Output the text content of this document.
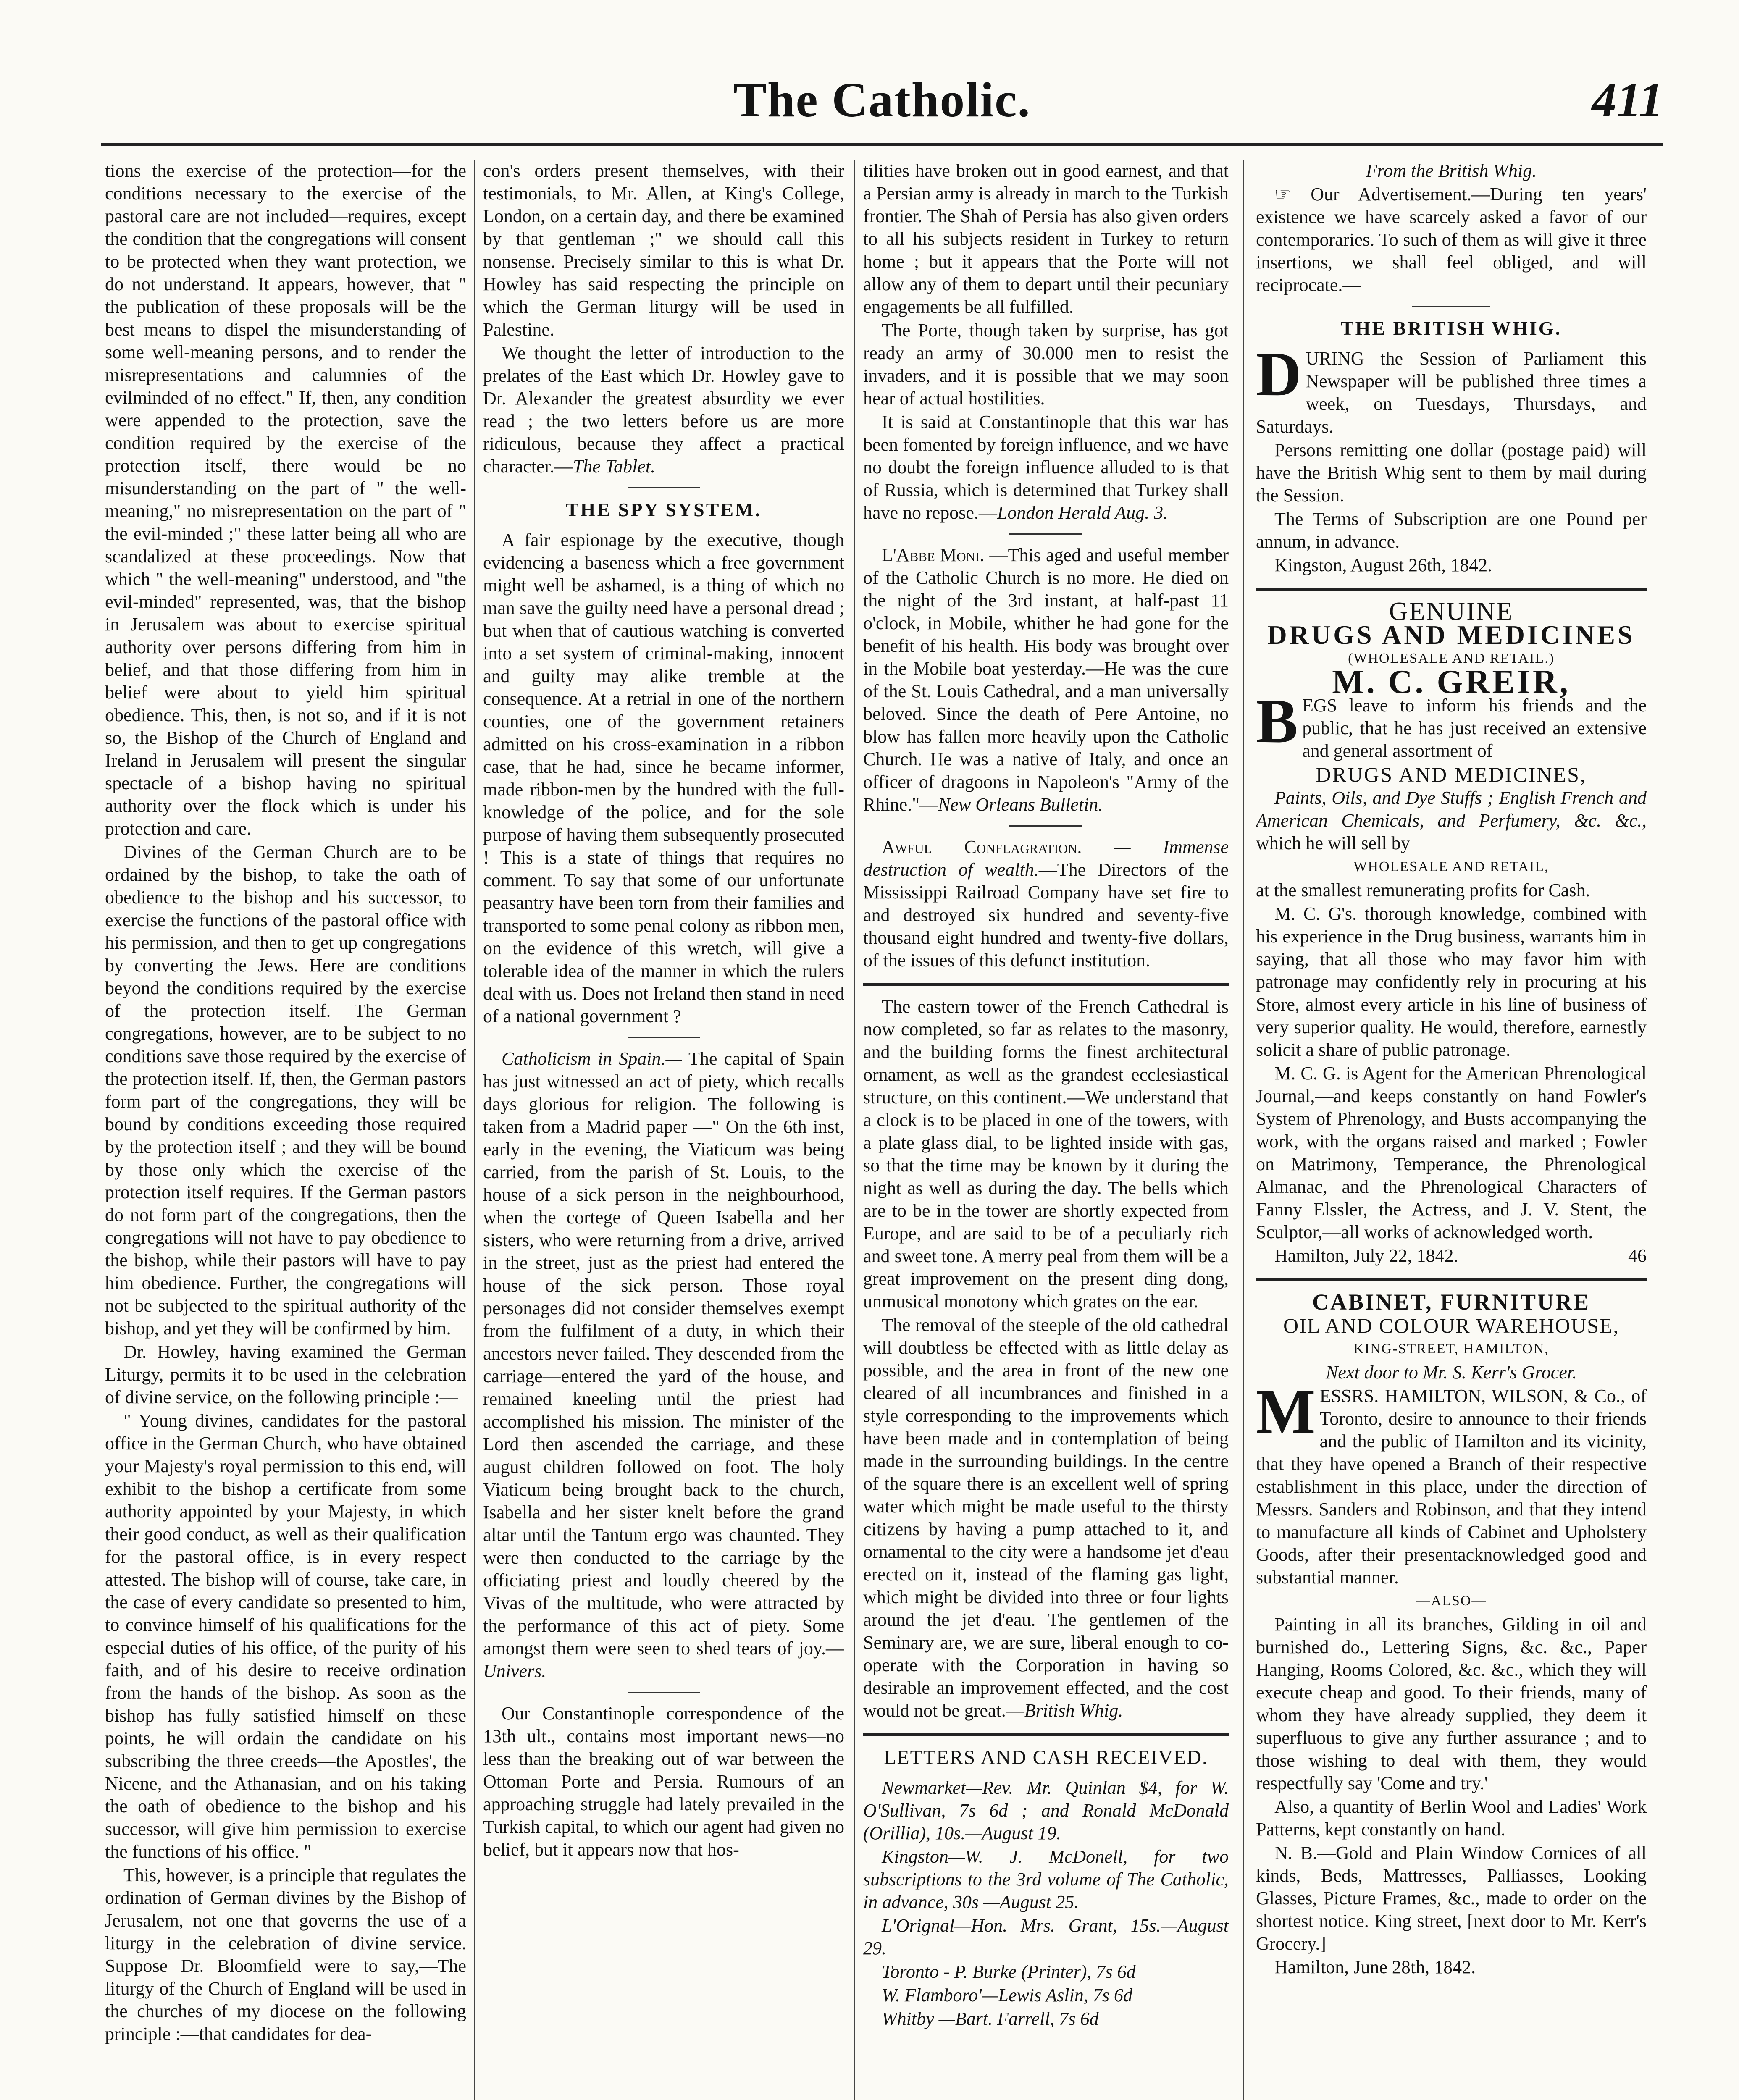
The Catholic.	411

tions the exercise of the protection—for the conditions necessary to the exercise of the pastoral care are not included—requires, except the condition that the congregations will consent to be protected when they want protection, we do not understand. It appears, however, that " the publication of these proposals will be the best means to dispel the misunderstanding of some well-meaning persons, and to render the misrepresentations and calumnies of the evilminded of no effect." If, then, any condition were appended to the protection, save the condition required by the exercise of the protection itself, there would be no misunderstanding on the part of " the well-meaning," no misrepresentation on the part of " the evil-minded ;" these latter being all who are scandalized at these proceedings. Now that which " the well-meaning" understood, and "the evil-minded" represented, was, that the bishop in Jerusalem was about to exercise spiritual authority over persons differing from him in belief, and that those differing from him in belief were about to yield him spiritual obedience. This, then, is not so, and if it is not so, the Bishop of the Church of England and Ireland in Jerusalem will present the singular spectacle of a bishop having no spiritual authority over the flock which is under his protection and care.

Divines of the German Church are to be ordained by the bishop, to take the oath of obedience to the bishop and his successor, to exercise the functions of the pastoral office with his permission, and then to get up congregations by converting the Jews. Here are conditions beyond the conditions required by the exercise of the protection itself. The German congregations, however, are to be subject to no conditions save those required by the exercise of the protection itself. If, then, the German pastors form part of the congregations, they will be bound by conditions exceeding those required by the protection itself ; and they will be bound by those only which the exercise of the protection itself requires. If the German pastors do not form part of the congregations, then the congregations will not have to pay obedience to the bishop, while their pastors will have to pay him obedience. Further, the congregations will not be subjected to the spiritual authority of the bishop, and yet they will be confirmed by him.

Dr. Howley, having examined the German Liturgy, permits it to be used in the celebration of divine service, on the following principle :—

" Young divines, candidates for the pastoral office in the German Church, who have obtained your Majesty's royal permission to this end, will exhibit to the bishop a certificate from some authority appointed by your Majesty, in which their good conduct, as well as their qualification for the pastoral office, is in every respect attested. The bishop will of course, take care, in the case of every candidate so presented to him, to convince himself of his qualifications for the especial duties of his office, of the purity of his faith, and of his desire to receive ordination from the hands of the bishop. As soon as the bishop has fully satisfied himself on these points, he will ordain the candidate on his subscribing the three creeds—the Apostles', the Nicene, and the Athanasian, and on his taking the oath of obedience to the bishop and his successor, will give him permission to exercise the functions of his office. "

This, however, is a principle that regulates the ordination of German divines by the Bishop of Jerusalem, not one that governs the use of a liturgy in the celebration of divine service. Suppose Dr. Bloomfield were to say,—The liturgy of the Church of England will be used in the churches of my diocese on the following principle :—that candidates for dea-

con's orders present themselves, with their testimonials, to Mr. Allen, at King's College, London, on a certain day, and there be examined by that gentleman ;" we should call this nonsense. Precisely similar to this is what Dr. Howley has said respecting the principle on which the German liturgy will be used in Palestine.

We thought the letter of introduction to the prelates of the East which Dr. Howley gave to Dr. Alexander the greatest absurdity we ever read ; the two letters before us are more ridiculous, because they affect a practical character.—The Tablet.

THE SPY SYSTEM.

A fair espionage by the executive, though evidencing a baseness which a free government might well be ashamed, is a thing of which no man save the guilty need have a personal dread ; but when that of cautious watching is converted into a set system of criminal-making, innocent and guilty may alike tremble at the consequence. At a retrial in one of the northern counties, one of the government retainers admitted on his cross-examination in a ribbon case, that he had, since he became informer, made ribbon-men by the hundred with the full-knowledge of the police, and for the sole purpose of having them subsequently prosecuted ! This is a state of things that requires no comment. To say that some of our unfortunate peasantry have been torn from their families and transported to some penal colony as ribbon men, on the evidence of this wretch, will give a tolerable idea of the manner in which the rulers deal with us. Does not Ireland then stand in need of a national government ?

Catholicism in Spain.— The capital of Spain has just witnessed an act of piety, which recalls days glorious for religion. The following is taken from a Madrid paper —" On the 6th inst, early in the evening, the Viaticum was being carried, from the parish of St. Louis, to the house of a sick person in the neighbourhood, when the cortege of Queen Isabella and her sisters, who were returning from a drive, arrived in the street, just as the priest had entered the house of the sick person. Those royal personages did not consider themselves exempt from the fulfilment of a duty, in which their ancestors never failed. They descended from the carriage—entered the yard of the house, and remained kneeling until the priest had accomplished his mission. The minister of the Lord then ascended the carriage, and these august children followed on foot. The holy Viaticum being brought back to the church, Isabella and her sister knelt before the grand altar until the Tantum ergo was chaunted. They were then conducted to the carriage by the officiating priest and loudly cheered by the Vivas of the multitude, who were attracted by the performance of this act of piety. Some amongst them were seen to shed tears of joy.—Univers.

Our Constantinople correspondence of the 13th ult., contains most important news—no less than the breaking out of war between the Ottoman Porte and Persia. Rumours of an approaching struggle had lately prevailed in the Turkish capital, to which our agent had given no belief, but it appears now that hos-

tilities have broken out in good earnest, and that a Persian army is already in march to the Turkish frontier. The Shah of Persia has also given orders to all his subjects resident in Turkey to return home ; but it appears that the Porte will not allow any of them to depart until their pecuniary engagements be all fulfilled.

The Porte, though taken by surprise, has got ready an army of 30.000 men to resist the invaders, and it is possible that we may soon hear of actual hostilities.

It is said at Constantinople that this war has been fomented by foreign influence, and we have no doubt the foreign influence alluded to is that of Russia, which is determined that Turkey shall have no repose.—London Herald Aug. 3.

L'Abbe Moni. —This aged and useful member of the Catholic Church is no more. He died on the night of the 3rd instant, at half-past 11 o'clock, in Mobile, whither he had gone for the benefit of his health. His body was brought over in the Mobile boat yesterday.—He was the cure of the St. Louis Cathedral, and a man universally beloved. Since the death of Pere Antoine, no blow has fallen more heavily upon the Catholic Church. He was a native of Italy, and once an officer of dragoons in Napoleon's "Army of the Rhine."—New Orleans Bulletin.

Awful Conflagration. — Immense destruction of wealth.—The Directors of the Mississippi Railroad Company have set fire to and destroyed six hundred and seventy-five thousand eight hundred and twenty-five dollars, of the issues of this defunct institution.

The eastern tower of the French Cathedral is now completed, so far as relates to the masonry, and the building forms the finest architectural ornament, as well as the grandest ecclesiastical structure, on this continent.—We understand that a clock is to be placed in one of the towers, with a plate glass dial, to be lighted inside with gas, so that the time may be known by it during the night as well as during the day. The bells which are to be in the tower are shortly expected from Europe, and are said to be of a peculiarly rich and sweet tone. A merry peal from them will be a great improvement on the present ding dong, unmusical monotony which grates on the ear.

The removal of the steeple of the old cathedral will doubtless be effected with as little delay as possible, and the area in front of the new one cleared of all incumbrances and finished in a style corresponding to the improvements which have been made and in contemplation of being made in the surrounding buildings. In the centre of the square there is an excellent well of spring water which might be made useful to the thirsty citizens by having a pump attached to it, and ornamental to the city were a handsome jet d'eau erected on it, instead of the flaming gas light, which might be divided into three or four lights around the jet d'eau. The gentlemen of the Seminary are, we are sure, liberal enough to co-operate with the Corporation in having so desirable an improvement effected, and the cost would not be great.—British Whig.

LETTERS AND CASH RECEIVED.

Newmarket—Rev. Mr. Quinlan $4, for W. O'Sullivan, 7s 6d ; and Ronald McDonald (Orillia), 10s.—August 19.

Kingston—W. J. McDonell, for two subscriptions to the 3rd volume of The Catholic, in advance, 30s —August 25.

L'Orignal—Hon. Mrs. Grant, 15s.—August 29.

Toronto - P. Burke (Printer), 7s 6d

W. Flamboro'—Lewis Aslin, 7s 6d

Whitby —Bart. Farrell, 7s 6d

From the British Whig.

☞ Our Advertisement.—During ten years' existence we have scarcely asked a favor of our contemporaries. To such of them as will give it three insertions, we shall feel obliged, and will reciprocate.—

THE BRITISH WHIG.

DURING the Session of Parliament this Newspaper will be published three times a week, on Tuesdays, Thursdays, and Saturdays.

Persons remitting one dollar (postage paid) will have the British Whig sent to them by mail during the Session.

The Terms of Subscription are one Pound per annum, in advance.

Kingston, August 26th, 1842.

GENUINE

DRUGS AND MEDICINES

(WHOLESALE AND RETAIL.)

M. C. GREIR,

BEGS leave to inform his friends and the public, that he has just received an extensive and general assortment of

DRUGS AND MEDICINES,

Paints, Oils, and Dye Stuffs ; English French and American Chemicals, and Perfumery, &c. &c., which he will sell by

WHOLESALE AND RETAIL,

at the smallest remunerating profits for Cash.

M. C. G's. thorough knowledge, combined with his experience in the Drug business, warrants him in saying, that all those who may favor him with patronage may confidently rely in procuring at his Store, almost every article in his line of business of very superior quality. He would, therefore, earnestly solicit a share of public patronage.

M. C. G. is Agent for the American Phrenological Journal,—and keeps constantly on hand Fowler's System of Phrenology, and Busts accompanying the work, with the organs raised and marked ; Fowler on Matrimony, Temperance, the Phrenological Almanac, and the Phrenological Characters of Fanny Elssler, the Actress, and J. V. Stent, the Sculptor,—all works of acknowledged worth.

Hamilton, July 22, 1842.	46

CABINET, FURNITURE

OIL AND COLOUR WAREHOUSE,

KING-STREET, HAMILTON,

Next door to Mr. S. Kerr's Grocer.

MESSRS. HAMILTON, WILSON, & Co., of Toronto, desire to announce to their friends and the public of Hamilton and its vicinity, that they have opened a Branch of their respective establishment in this place, under the direction of Messrs. Sanders and Robinson, and that they intend to manufacture all kinds of Cabinet and Upholstery Goods, after their presentacknowledged good and substantial manner.

—ALSO—

Painting in all its branches, Gilding in oil and burnished do., Lettering Signs, &c. &c., Paper Hanging, Rooms Colored, &c. &c., which they will execute cheap and good. To their friends, many of whom they have already supplied, they deem it superfluous to give any further assurance ; and to those wishing to deal with them, they would respectfully say 'Come and try.'

Also, a quantity of Berlin Wool and Ladies' Work Patterns, kept constantly on hand.

N. B.—Gold and Plain Window Cornices of all kinds, Beds, Mattresses, Palliasses, Looking Glasses, Picture Frames, &c., made to order on the shortest notice. King street, [next door to Mr. Kerr's Grocery.]

Hamilton, June 28th, 1842.
